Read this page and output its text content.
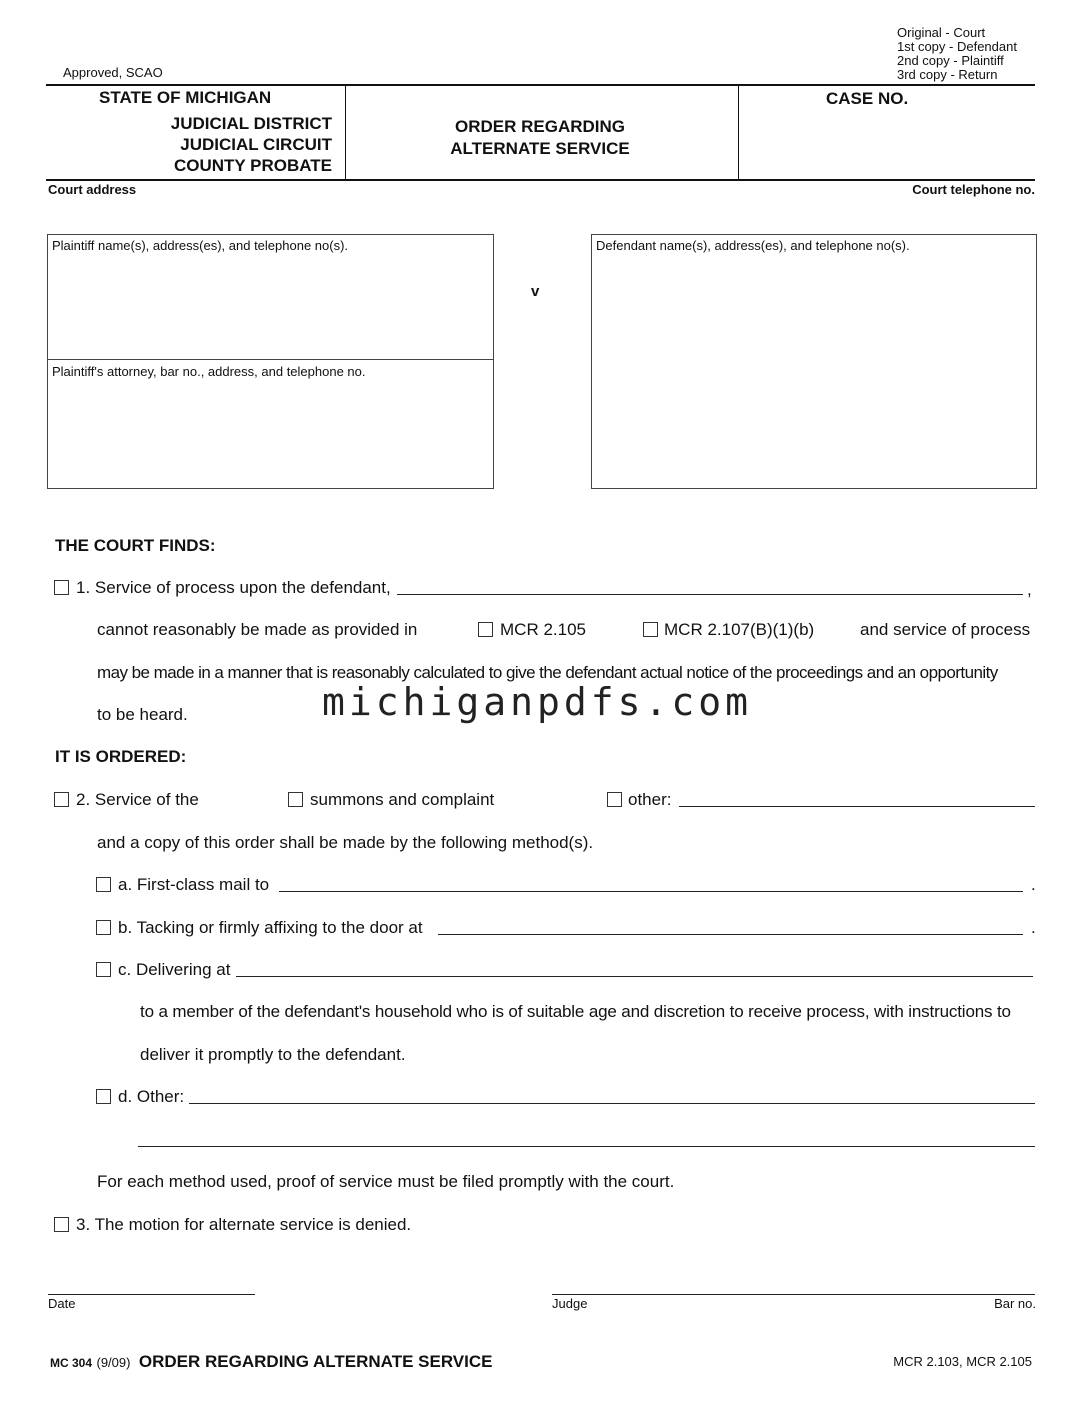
Original - Court
1st copy - Defendant
2nd copy - Plaintiff
3rd copy - Return
Approved, SCAO
STATE OF MICHIGAN
JUDICIAL DISTRICT
JUDICIAL CIRCUIT
COUNTY PROBATE
ORDER REGARDING
ALTERNATE SERVICE
CASE NO.
Court address	Court telephone no.
Plaintiff name(s), address(es), and telephone no(s).
Plaintiff's attorney, bar no., address, and telephone no.
v
Defendant name(s), address(es), and telephone no(s).
THE COURT FINDS:
1. Service of process upon the defendant,	,
cannot reasonably be made as provided in	MCR 2.105	MCR 2.107(B)(1)(b)	and service of process
may be made in a manner that is reasonably calculated to give the defendant actual notice of the proceedings and an opportunity
to be heard.	michiganpdfs.com
IT IS ORDERED:
2. Service of the	summons and complaint	other:
and a copy of this order shall be made by the following method(s).
a. First-class mail to	.
b. Tacking or firmly affixing to the door at	.
c. Delivering at
to a member of the defendant's household who is of suitable age and discretion to receive process, with instructions to
deliver it promptly to the defendant.
d. Other:
For each method used, proof of service must be filed promptly with the court.
3. The motion for alternate service is denied.
Date	Judge	Bar no.
MC 304 (9/09) ORDER REGARDING ALTERNATE SERVICE	MCR 2.103, MCR 2.105
